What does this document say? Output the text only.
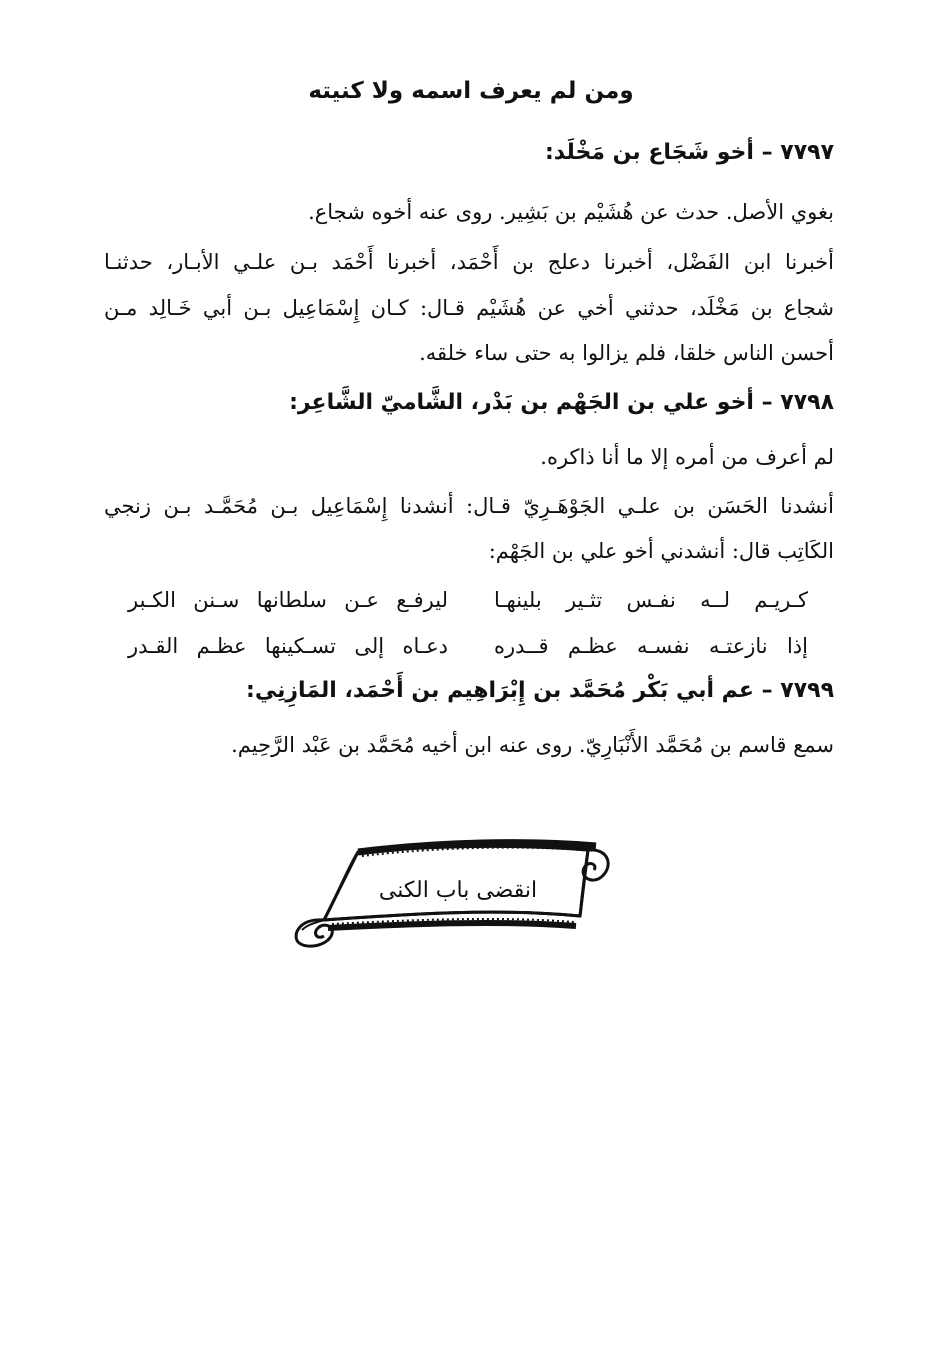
ومن لم يعرف اسمه ولا كنيته
٧٧٩٧ – أخو شَجَاع بن مَخْلَد:
بغوي الأصل. حدث عن هُشَيْم بن بَشِير. روى عنه أخوه شجاع.
أخبرنا ابن الفَضْل، أخبرنا دعلج بن أَحْمَد، أخبرنا أَحْمَد بـن علـي الأبـار، حدثنـا
شجاع بن مَخْلَد، حدثني أخي عن هُشَيْم قـال: كـان إِسْمَاعِيل بـن أبي خَـالِد مـن
أحسن الناس خلقا، فلم يزالوا به حتى ساء خلقه.
٧٧٩٨ – أخو علي بن الجَهْم بن بَدْر، الشَّاميّ الشَّاعِر:
لم أعرف من أمره إلا ما أنا ذاكره.
أنشدنا الحَسَن بن علـي الجَوْهَـرِيّ قـال: أنشدنا إِسْمَاعِيل بـن مُحَمَّـد بـن زنجي
الكَاتِب قال: أنشدني أخو علي بن الجَهْم:
كـريـم لــه نفـس تثـير بلينهـا
ليرفـع عـن سلطانها سـنن الكـبر
إذا نازعتـه نفسـه عظـم قــدره
دعـاه إلى تسـكينها عظـم القـدر
٧٧٩٩ – عم أبي بَكْر مُحَمَّد بن إِبْرَاهِيم بن أَحْمَد، المَازِنِي:
سمع قاسم بن مُحَمَّد الأَنْبَارِيّ. روى عنه ابن أخيه مُحَمَّد بن عَبْد الرَّحِيم.
انقضى باب الكنى
